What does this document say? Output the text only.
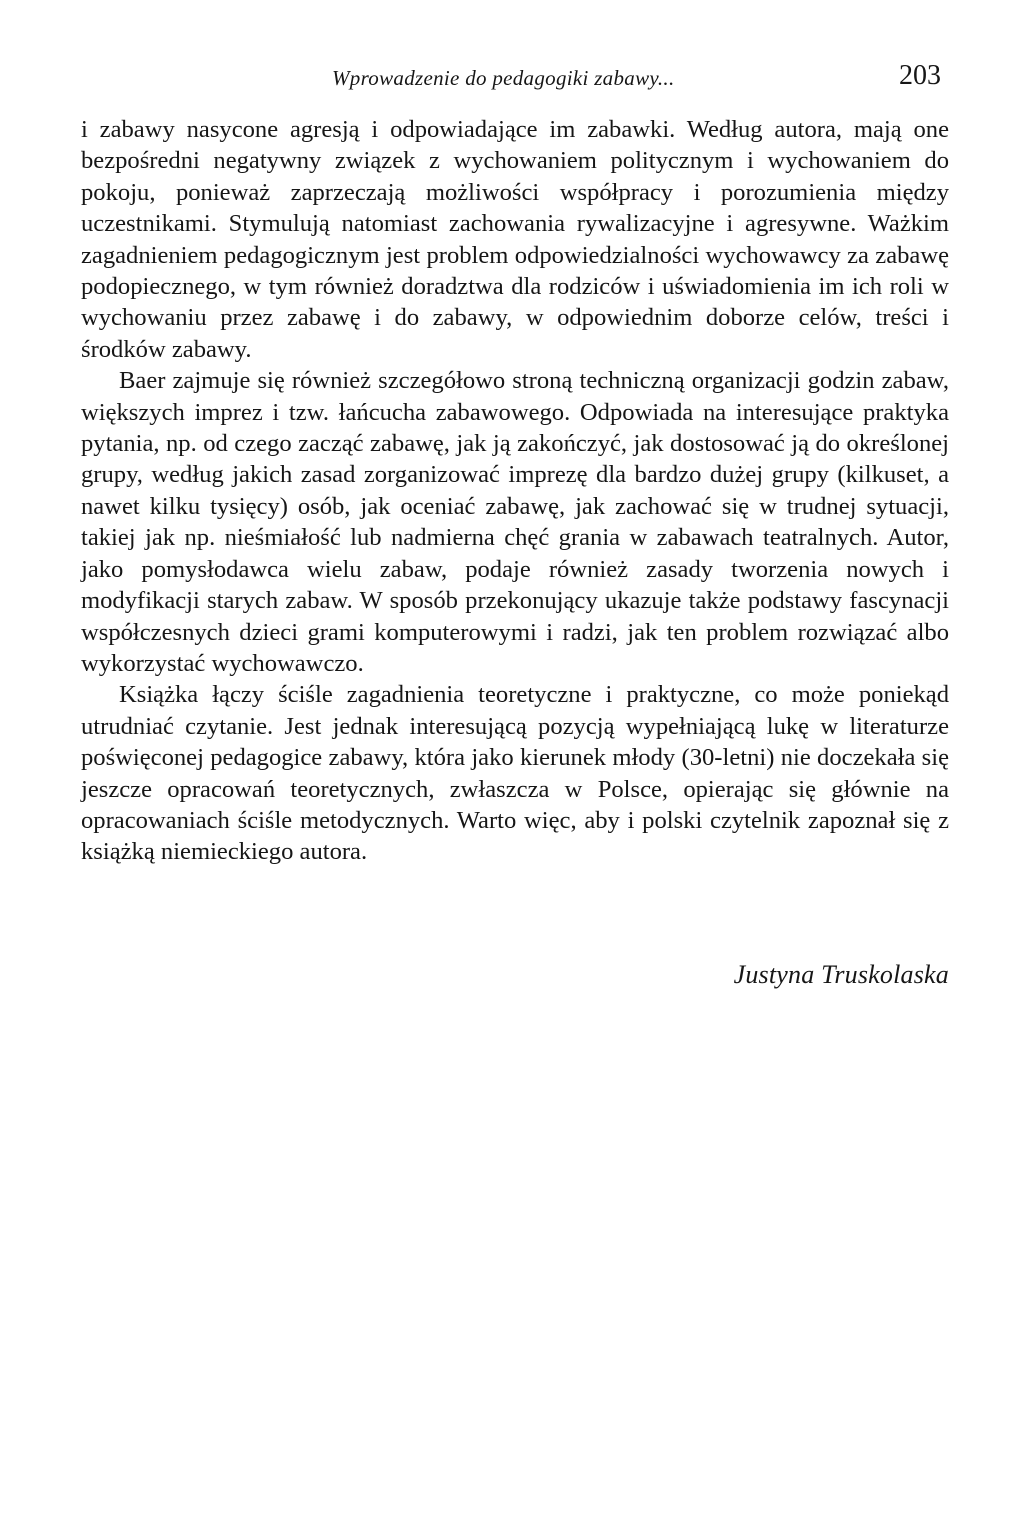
Wprowadzenie do pedagogiki zabawy...	203

i zabawy nasycone agresją i odpowiadające im zabawki. Według autora, mają one bezpośredni negatywny związek z wychowaniem politycznym i wychowaniem do pokoju, ponieważ zaprzeczają możliwości współpracy i porozumienia między uczestnikami. Stymulują natomiast zachowania rywalizacyjne i agresywne. Ważkim zagadnieniem pedagogicznym jest problem odpowiedzialności wychowawcy za zabawę podopiecznego, w tym również doradztwa dla rodziców i uświadomienia im ich roli w wychowaniu przez zabawę i do zabawy, w odpowiednim doborze celów, treści i środków zabawy.

Baer zajmuje się również szczegółowo stroną techniczną organizacji godzin zabaw, większych imprez i tzw. łańcucha zabawowego. Odpowiada na interesujące praktyka pytania, np. od czego zacząć zabawę, jak ją zakończyć, jak dostosować ją do określonej grupy, według jakich zasad zorganizować imprezę dla bardzo dużej grupy (kilkuset, a nawet kilku tysięcy) osób, jak oceniać zabawę, jak zachować się w trudnej sytuacji, takiej jak np. nieśmiałość lub nadmierna chęć grania w zabawach teatralnych. Autor, jako pomysłodawca wielu zabaw, podaje również zasady tworzenia nowych i modyfikacji starych zabaw. W sposób przekonujący ukazuje także podstawy fascynacji współczesnych dzieci grami komputerowymi i radzi, jak ten problem rozwiązać albo wykorzystać wychowawczo.

Książka łączy ściśle zagadnienia teoretyczne i praktyczne, co może poniekąd utrudniać czytanie. Jest jednak interesującą pozycją wypełniającą lukę w literaturze poświęconej pedagogice zabawy, która jako kierunek młody (30-letni) nie doczekała się jeszcze opracowań teoretycznych, zwłaszcza w Polsce, opierając się głównie na opracowaniach ściśle metodycznych. Warto więc, aby i polski czytelnik zapoznał się z książką niemieckiego autora.

Justyna Truskolaska
